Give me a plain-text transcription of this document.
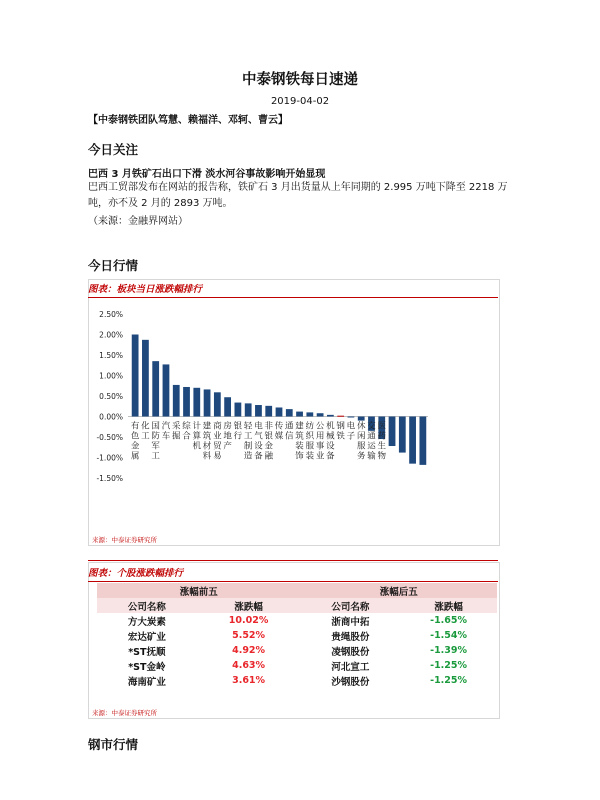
中泰钢铁每日速递
2019-04-02
【中泰钢铁团队笃慧、赖福洋、邓轲、曹云】
今日关注
巴西 3 月铁矿石出口下滑 淡水河谷事故影响开始显现
巴西工贸部发布在网站的报告称，铁矿石 3 月出货量从上年同期的 2.995 万吨下降至 2218 万吨，亦不及 2 月的 2893 万吨。
（来源：金融界网站）
今日行情
图表：板块当日涨跌幅排行
2.50%
2.00%
1.50%
1.00%
0.50%
0.00%
-0.50%
-1.00%
-1.50%
有色金属
化工
国防军工
汽车
采掘
综合
计算机
建筑材料
商业贸易
房地产
银行
轻工制造
电气设备
非银金融
传媒
通信
建筑装饰
纺织服装
公用事业
机械设备
钢铁
电子
休闲服务
交通运输
医药生物
来源：中泰证券研究所
图表：个股涨跌幅排行
涨幅前五		涨幅后五	
公司名称	涨跌幅	公司名称	涨跌幅
方大炭素	10.02%	浙商中拓	-1.65%
宏达矿业	5.52%	贵绳股份	-1.54%
*ST抚顺	4.92%	凌钢股份	-1.39%
*ST金岭	4.63%	河北宣工	-1.25%
海南矿业	3.61%	沙钢股份	-1.25%
来源：中泰证券研究所
钢市行情
